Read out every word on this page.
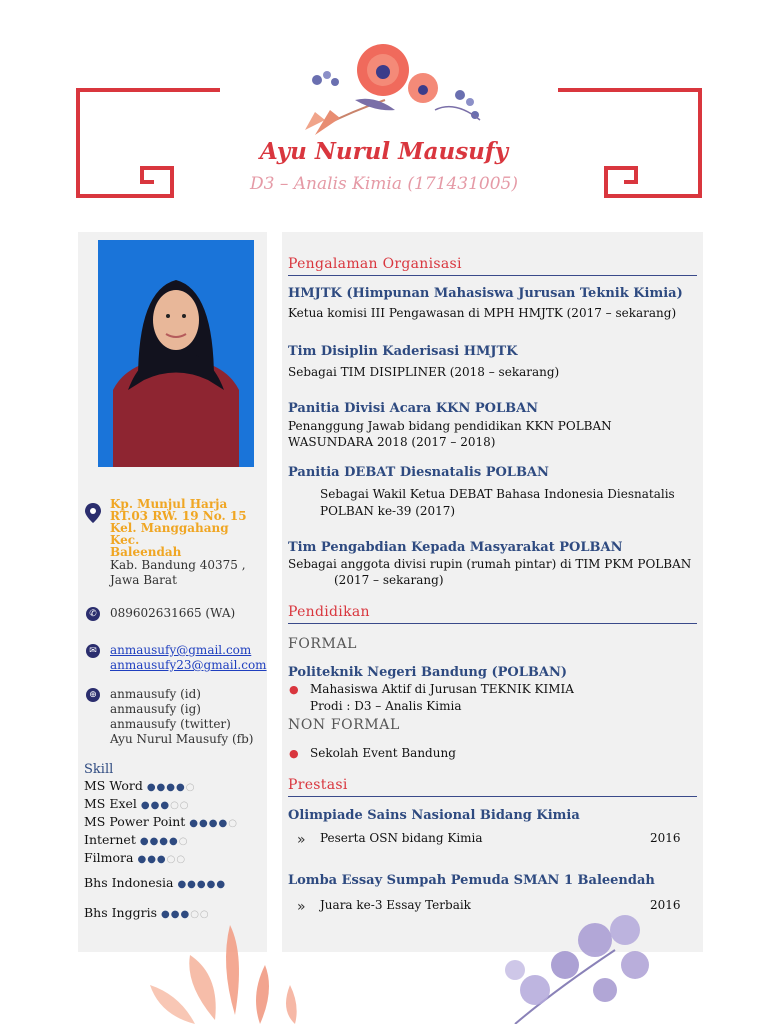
Ayu Nurul Mausufy
D3 – Analis Kimia (171431005)
Kp. Munjul Harja
RT.03 RW. 19 No. 15
Kel. Manggahang Kec.
Baleendah
Kab. Bandung 40375 ,
Jawa Barat
✆ 089602631665 (WA)
✉ anmausufy@gmail.com
anmausufy23@gmail.com
⊕ anmausufy (id)
anmausufy (ig)
anmausufy (twitter)
Ayu Nurul Mausufy (fb)
Skill
MS Word ●●●●○
MS Exel ●●●○○
MS Power Point ●●●●○
Internet ●●●●○
Filmora ●●●○○
Bhs Indonesia ●●●●●
Bhs Inggris ●●●○○
Pengalaman Organisasi
HMJTK (Himpunan Mahasiswa Jurusan Teknik Kimia)
Ketua komisi III Pengawasan di MPH HMJTK (2017 – sekarang)
Tim Disiplin Kaderisasi HMJTK
Sebagai TIM DISIPLINER (2018 – sekarang)
Panitia Divisi Acara KKN POLBAN
Penanggung Jawab bidang pendidikan KKN POLBAN
WASUNDARA 2018 (2017 – 2018)
Panitia DEBAT Diesnatalis POLBAN
Sebagai Wakil Ketua DEBAT Bahasa Indonesia Diesnatalis
POLBAN ke-39 (2017)
Tim Pengabdian Kepada Masyarakat POLBAN
Sebagai anggota divisi rupin (rumah pintar) di TIM PKM POLBAN
(2017 – sekarang)
Pendidikan
FORMAL
Politeknik Negeri Bandung (POLBAN)
● Mahasiswa Aktif di Jurusan TEKNIK KIMIA
Prodi : D3 – Analis Kimia
NON FORMAL
● Sekolah Event Bandung
Prestasi
Olimpiade Sains Nasional Bidang Kimia
» Peserta OSN bidang Kimia	2016
Lomba Essay Sumpah Pemuda SMAN 1 Baleendah
» Juara ke-3 Essay Terbaik	2016
